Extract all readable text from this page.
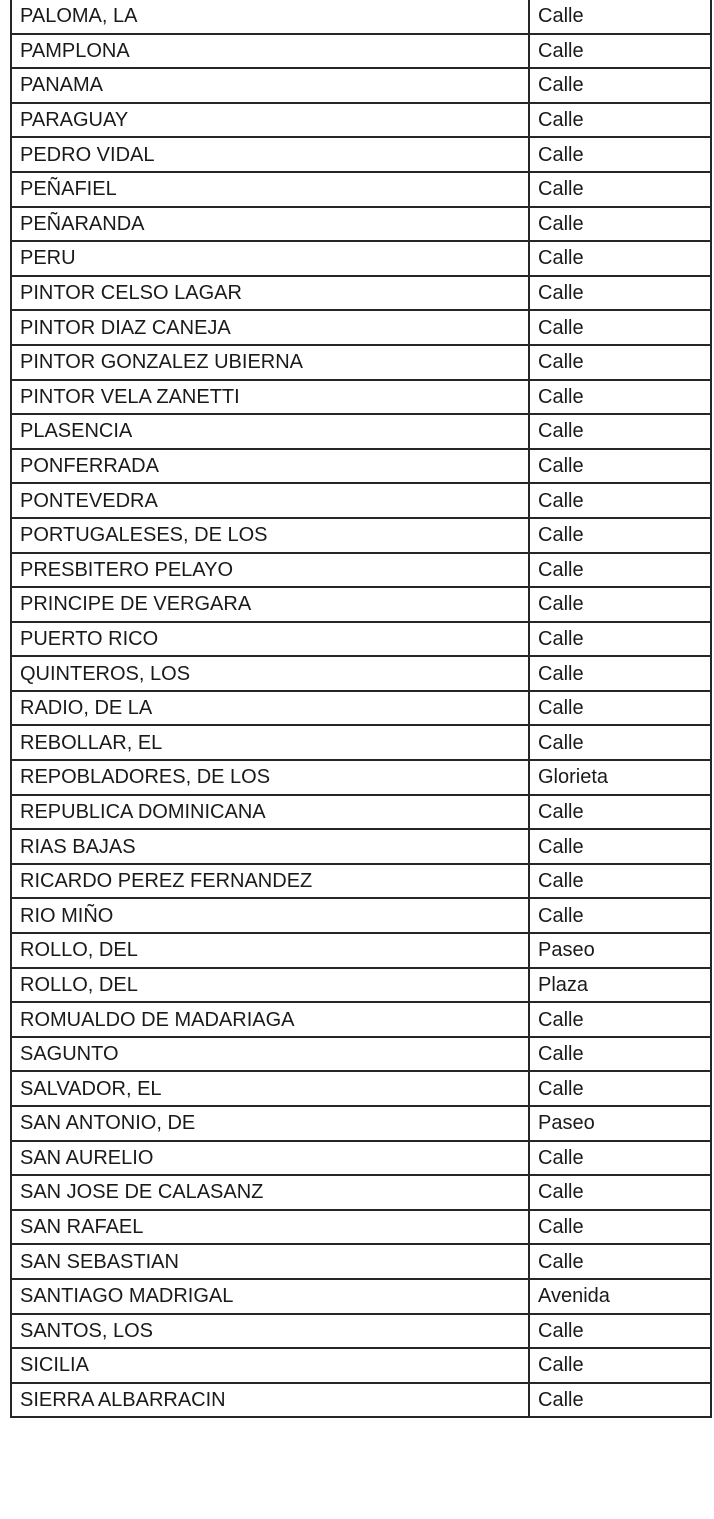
PALOMA, LA	Calle
PAMPLONA	Calle
PANAMA	Calle
PARAGUAY	Calle
PEDRO VIDAL	Calle
PEÑAFIEL	Calle
PEÑARANDA	Calle
PERU	Calle
PINTOR CELSO LAGAR	Calle
PINTOR DIAZ CANEJA	Calle
PINTOR GONZALEZ UBIERNA	Calle
PINTOR VELA ZANETTI	Calle
PLASENCIA	Calle
PONFERRADA	Calle
PONTEVEDRA	Calle
PORTUGALESES, DE LOS	Calle
PRESBITERO PELAYO	Calle
PRINCIPE DE VERGARA	Calle
PUERTO RICO	Calle
QUINTEROS, LOS	Calle
RADIO, DE LA	Calle
REBOLLAR, EL	Calle
REPOBLADORES, DE LOS	Glorieta
REPUBLICA DOMINICANA	Calle
RIAS BAJAS	Calle
RICARDO PEREZ FERNANDEZ	Calle
RIO MIÑO	Calle
ROLLO, DEL	Paseo
ROLLO, DEL	Plaza
ROMUALDO DE MADARIAGA	Calle
SAGUNTO	Calle
SALVADOR, EL	Calle
SAN ANTONIO, DE	Paseo
SAN AURELIO	Calle
SAN JOSE DE CALASANZ	Calle
SAN RAFAEL	Calle
SAN SEBASTIAN	Calle
SANTIAGO MADRIGAL	Avenida
SANTOS, LOS	Calle
SICILIA	Calle
SIERRA ALBARRACIN	Calle
